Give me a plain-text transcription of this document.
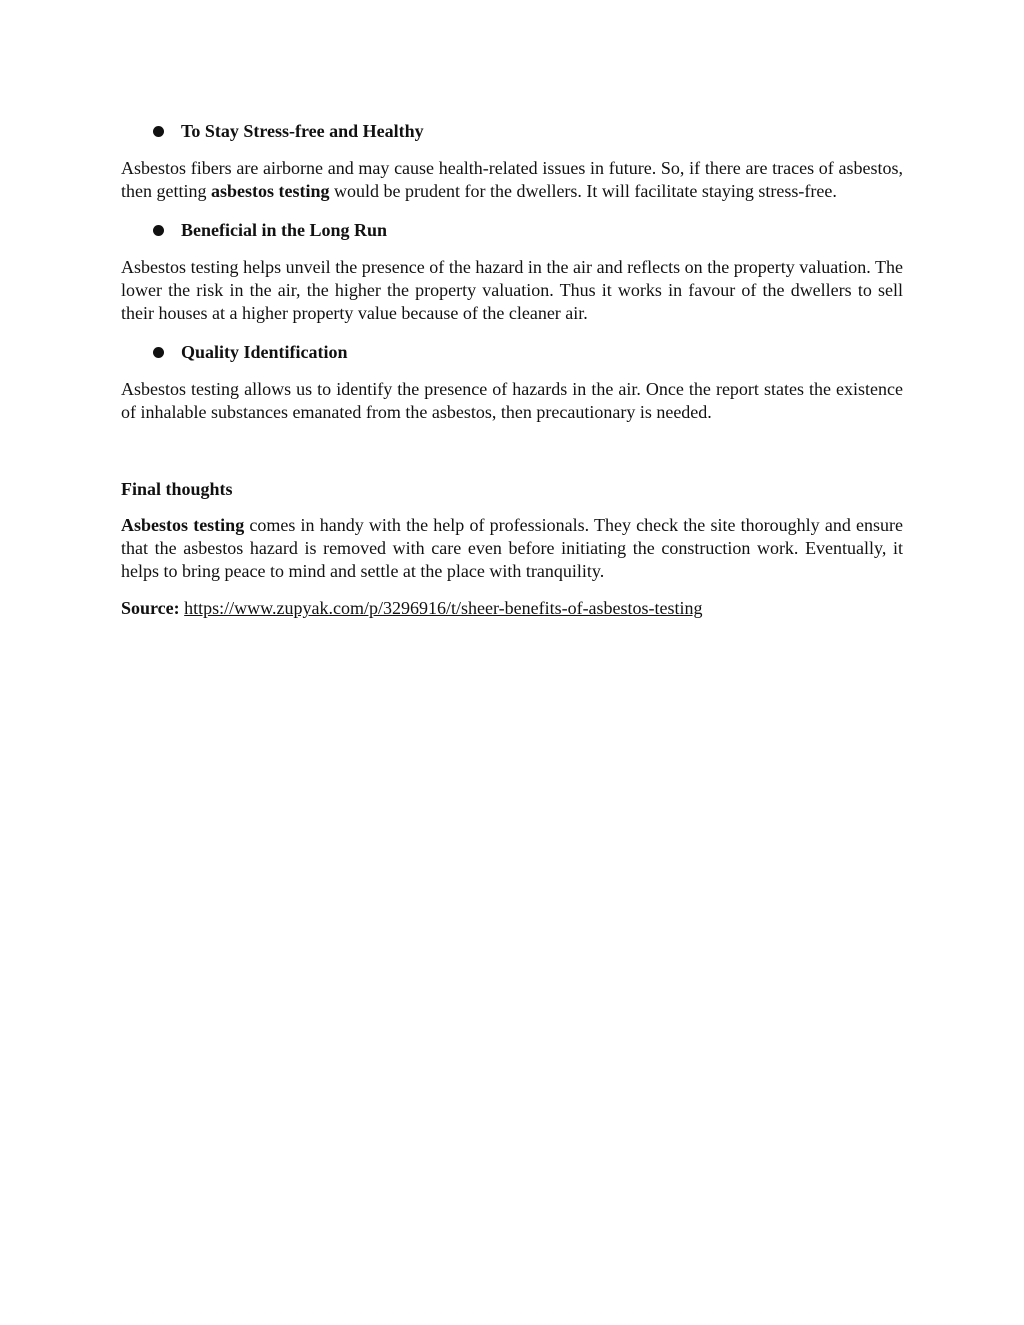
To Stay Stress-free and Healthy

Asbestos fibers are airborne and may cause health-related issues in future. So, if there are traces of asbestos, then getting asbestos testing would be prudent for the dwellers. It will facilitate staying stress-free.

Beneficial in the Long Run

Asbestos testing helps unveil the presence of the hazard in the air and reflects on the property valuation. The lower the risk in the air, the higher the property valuation. Thus it works in favour of the dwellers to sell their houses at a higher property value because of the cleaner air.

Quality Identification

Asbestos testing allows us to identify the presence of hazards in the air. Once the report states the existence of inhalable substances emanated from the asbestos, then precautionary is needed.

Final thoughts

Asbestos testing comes in handy with the help of professionals. They check the site thoroughly and ensure that the asbestos hazard is removed with care even before initiating the construction work. Eventually, it helps to bring peace to mind and settle at the place with tranquility.

Source: https://www.zupyak.com/p/3296916/t/sheer-benefits-of-asbestos-testing
